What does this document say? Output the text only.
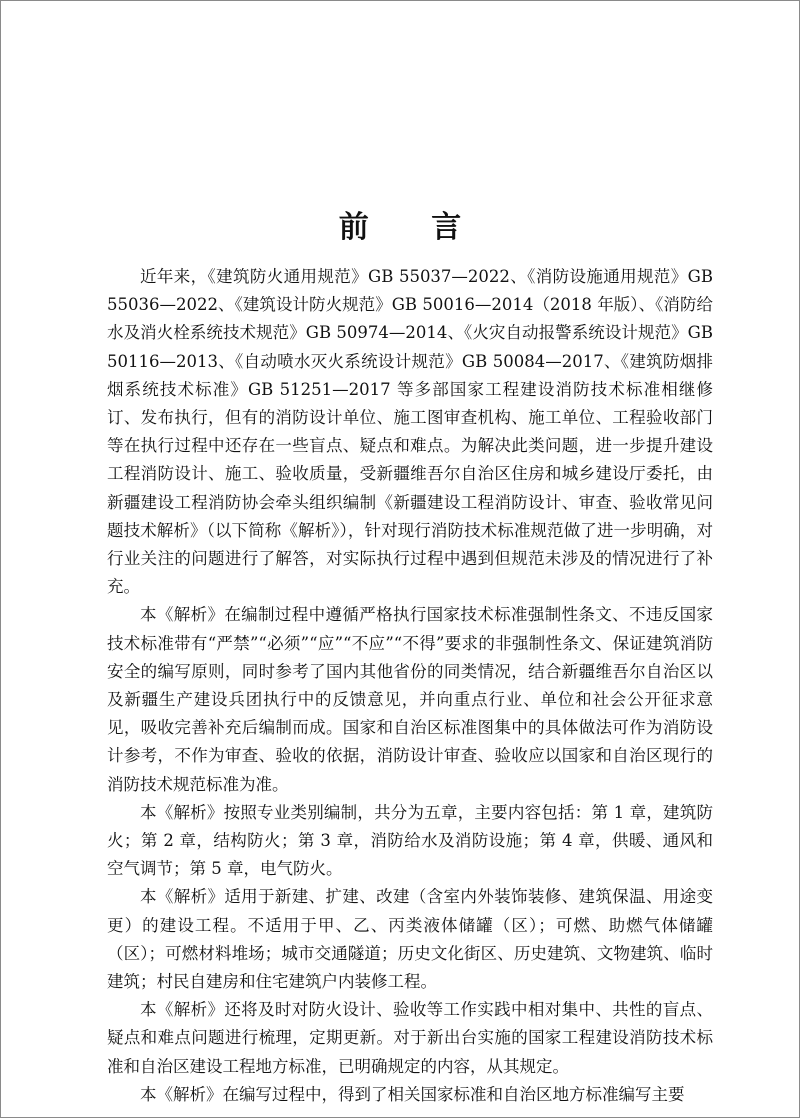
前 言

近年来，《建筑防火通用规范》GB 55037—2022、《消防设施通用规范》GB 55036—2022、《建筑设计防火规范》GB 50016—2014（2018 年版）、《消防给水及消火栓系统技术规范》GB 50974—2014、《火灾自动报警系统设计规范》GB 50116—2013、《自动喷水灭火系统设计规范》GB 50084—2017、《建筑防烟排烟系统技术标准》GB 51251—2017 等多部国家工程建设消防技术标准相继修订、发布执行，但有的消防设计单位、施工图审查机构、施工单位、工程验收部门等在执行过程中还存在一些盲点、疑点和难点。为解决此类问题，进一步提升建设工程消防设计、施工、验收质量，受新疆维吾尔自治区住房和城乡建设厅委托，由新疆建设工程消防协会牵头组织编制《新疆建设工程消防设计、审查、验收常见问题技术解析》（以下简称《解析》），针对现行消防技术标准规范做了进一步明确，对行业关注的问题进行了解答，对实际执行过程中遇到但规范未涉及的情况进行了补充。

本《解析》在编制过程中遵循严格执行国家技术标准强制性条文、不违反国家技术标准带有“严禁”“必须”“应”“不应”“不得”要求的非强制性条文、保证建筑消防安全的编写原则，同时参考了国内其他省份的同类情况，结合新疆维吾尔自治区以及新疆生产建设兵团执行中的反馈意见，并向重点行业、单位和社会公开征求意见，吸收完善补充后编制而成。国家和自治区标准图集中的具体做法可作为消防设计参考，不作为审查、验收的依据，消防设计审查、验收应以国家和自治区现行的消防技术规范标准为准。

本《解析》按照专业类别编制，共分为五章，主要内容包括：第 1 章，建筑防火；第 2 章，结构防火；第 3 章，消防给水及消防设施；第 4 章，供暖、通风和空气调节；第 5 章，电气防火。

本《解析》适用于新建、扩建、改建（含室内外装饰装修、建筑保温、用途变更）的建设工程。不适用于甲、乙、丙类液体储罐（区）；可燃、助燃气体储罐（区）；可燃材料堆场；城市交通隧道；历史文化街区、历史建筑、文物建筑、临时建筑；村民自建房和住宅建筑户内装修工程。

本《解析》还将及时对防火设计、验收等工作实践中相对集中、共性的盲点、疑点和难点问题进行梳理，定期更新。对于新出台实施的国家工程建设消防技术标准和自治区建设工程地方标准，已明确规定的内容，从其规定。

本《解析》在编写过程中，得到了相关国家标准和自治区地方标准编写主要
